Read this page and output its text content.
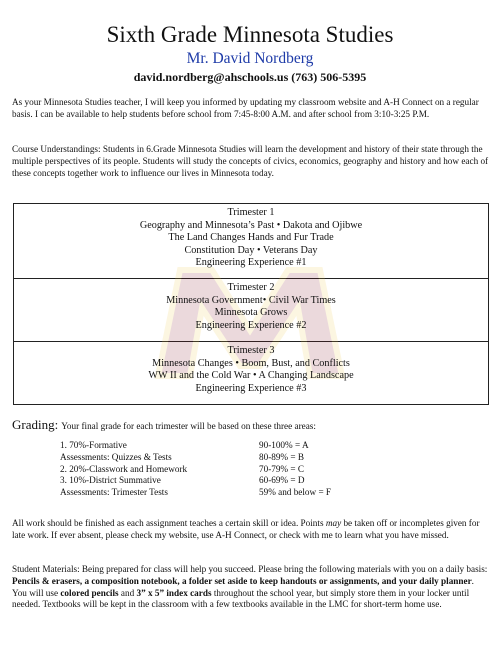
Sixth Grade Minnesota Studies
Mr. David Nordberg
david.nordberg@ahschools.us (763) 506-5395
As your Minnesota Studies teacher, I will keep you informed by updating my classroom website and A-H Connect on a regular basis. I can be available to help students before school from 7:45-8:00 A.M. and after school from 3:10-3:25 P.M.
Course Understandings: Students in 6.Grade Minnesota Studies will learn the development and history of their state through the multiple perspectives of its people. Students will study the concepts of civics, economics, geography and history and how each of these concepts together work to influence our lives in Minnesota today.
Trimester 1
Geography and Minnesota’s Past • Dakota and Ojibwe
The Land Changes Hands and Fur Trade
Constitution Day • Veterans Day
Engineering Experience #1
Trimester 2
Minnesota Government• Civil War Times
Minnesota Grows
Engineering Experience #2
Trimester 3
Minnesota Changes • Boom, Bust, and Conflicts
WW II and the Cold War • A Changing Landscape
Engineering Experience #3
Grading: Your final grade for each trimester will be based on these three areas:
1. 70%-Formative	90-100% = A
Assessments: Quizzes & Tests	80-89% = B
2. 20%-Classwork and Homework	70-79% = C
3. 10%-District Summative	60-69% = D
Assessments: Trimester Tests	59% and below = F
All work should be finished as each assignment teaches a certain skill or idea. Points may be taken off or incompletes given for late work. If ever absent, please check my website, use A-H Connect, or check with me to learn what you have missed.
Student Materials: Being prepared for class will help you succeed. Please bring the following materials with you on a daily basis: Pencils & erasers, a composition notebook, a folder set aside to keep handouts or assignments, and your daily planner. You will use colored pencils and 3” x 5” index cards throughout the school year, but simply store them in your locker until needed. Textbooks will be kept in the classroom with a few textbooks available in the LMC for short-term home use.
